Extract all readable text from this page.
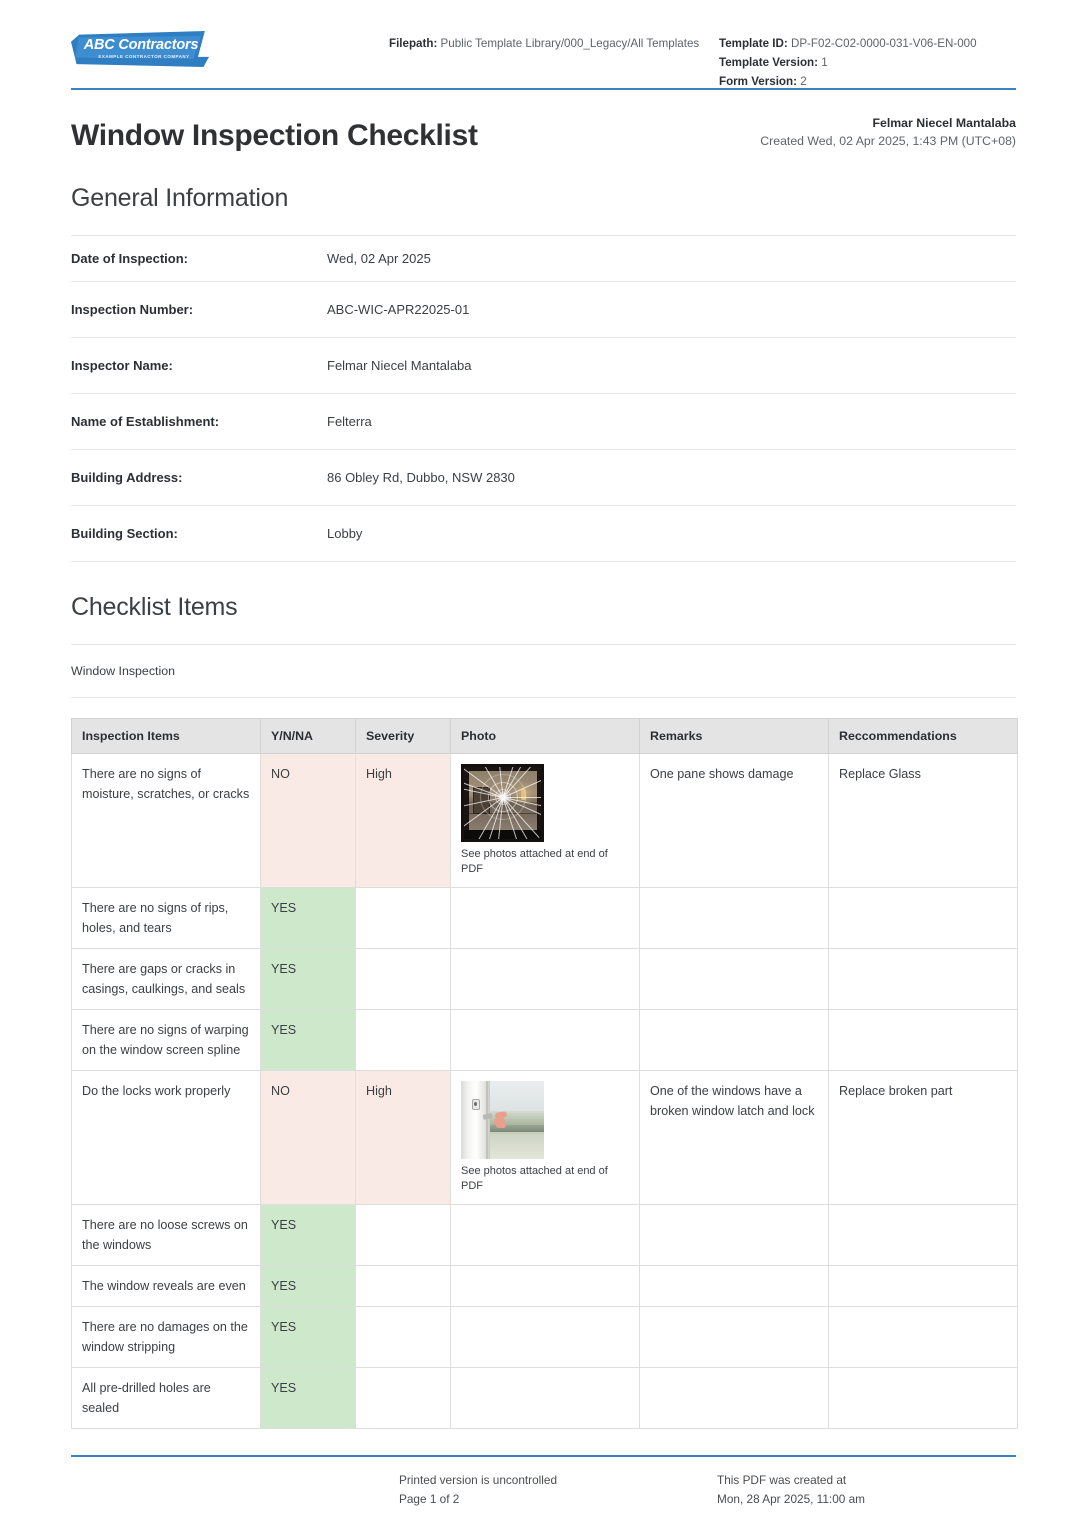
ABC Contractors
EXAMPLE CONTRACTOR COMPANY
Filepath: Public Template Library/000_Legacy/All Templates	Template ID: DP-F02-C02-0000-031-V06-EN-000
Template Version: 1
Form Version: 2
Window Inspection Checklist	Felmar Niecel Mantalaba
Created Wed, 02 Apr 2025, 1:43 PM (UTC+08)
General Information
Date of Inspection:	Wed, 02 Apr 2025
Inspection Number:	ABC-WIC-APR22025-01
Inspector Name:	Felmar Niecel Mantalaba
Name of Establishment:	Felterra
Building Address:	86 Obley Rd, Dubbo, NSW 2830
Building Section:	Lobby
Checklist Items
Window Inspection
Inspection Items	Y/N/NA	Severity	Photo	Remarks	Reccommendations
There are no signs of moisture, scratches, or cracks	NO	High	See photos attached at end of PDF	One pane shows damage	Replace Glass
There are no signs of rips, holes, and tears	YES				
There are gaps or cracks in casings, caulkings, and seals	YES				
There are no signs of warping on the window screen spline	YES				
Do the locks work properly	NO	High	See photos attached at end of PDF	One of the windows have a broken window latch and lock	Replace broken part
There are no loose screws on the windows	YES				
The window reveals are even	YES				
There are no damages on the window stripping	YES				
All pre-drilled holes are sealed	YES				

Printed version is uncontrolled

Page 1 of 2

This PDF was created at

Mon, 28 Apr 2025, 11:00 am
